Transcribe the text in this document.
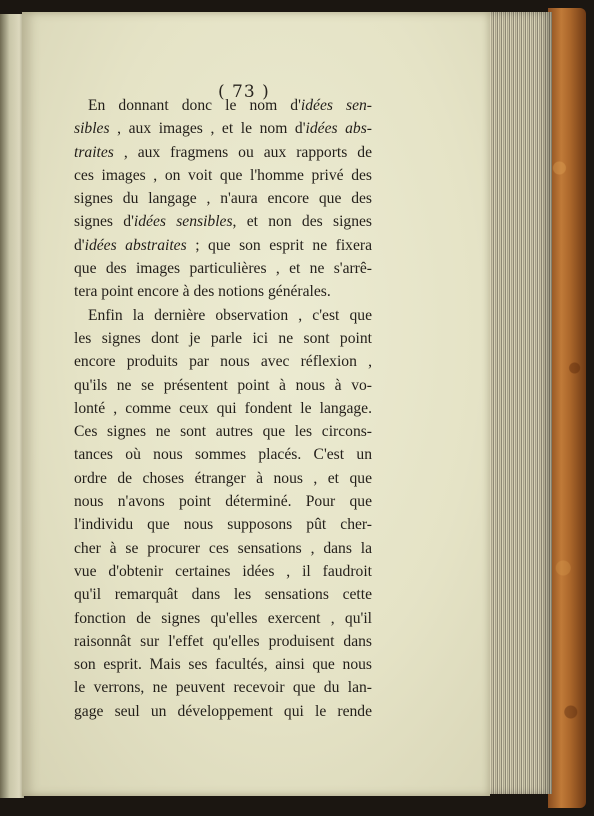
( 73 )
En donnant donc le nom d'idées sen-
sibles , aux images , et le nom d'idées abs-
traites , aux fragmens ou aux rapports de
ces images , on voit que l'homme privé des
signes du langage , n'aura encore que des
signes d'idées sensibles, et non des signes
d'idées abstraites ; que son esprit ne fixera
que des images particulières , et ne s'arrê-
tera point encore à des notions générales.
Enfin la dernière observation , c'est que
les signes dont je parle ici ne sont point
encore produits par nous avec réflexion ,
qu'ils ne se présentent point à nous à vo-
lonté , comme ceux qui fondent le langage.
Ces signes ne sont autres que les circons-
tances où nous sommes placés. C'est un
ordre de choses étranger à nous , et que
nous n'avons point déterminé. Pour que
l'individu que nous supposons pût cher-
cher à se procurer ces sensations , dans la
vue d'obtenir certaines idées , il faudroit
qu'il remarquât dans les sensations cette
fonction de signes qu'elles exercent , qu'il
raisonnât sur l'effet qu'elles produisent dans
son esprit. Mais ses facultés, ainsi que nous
le verrons, ne peuvent recevoir que du lan-
gage seul un développement qui le rende
